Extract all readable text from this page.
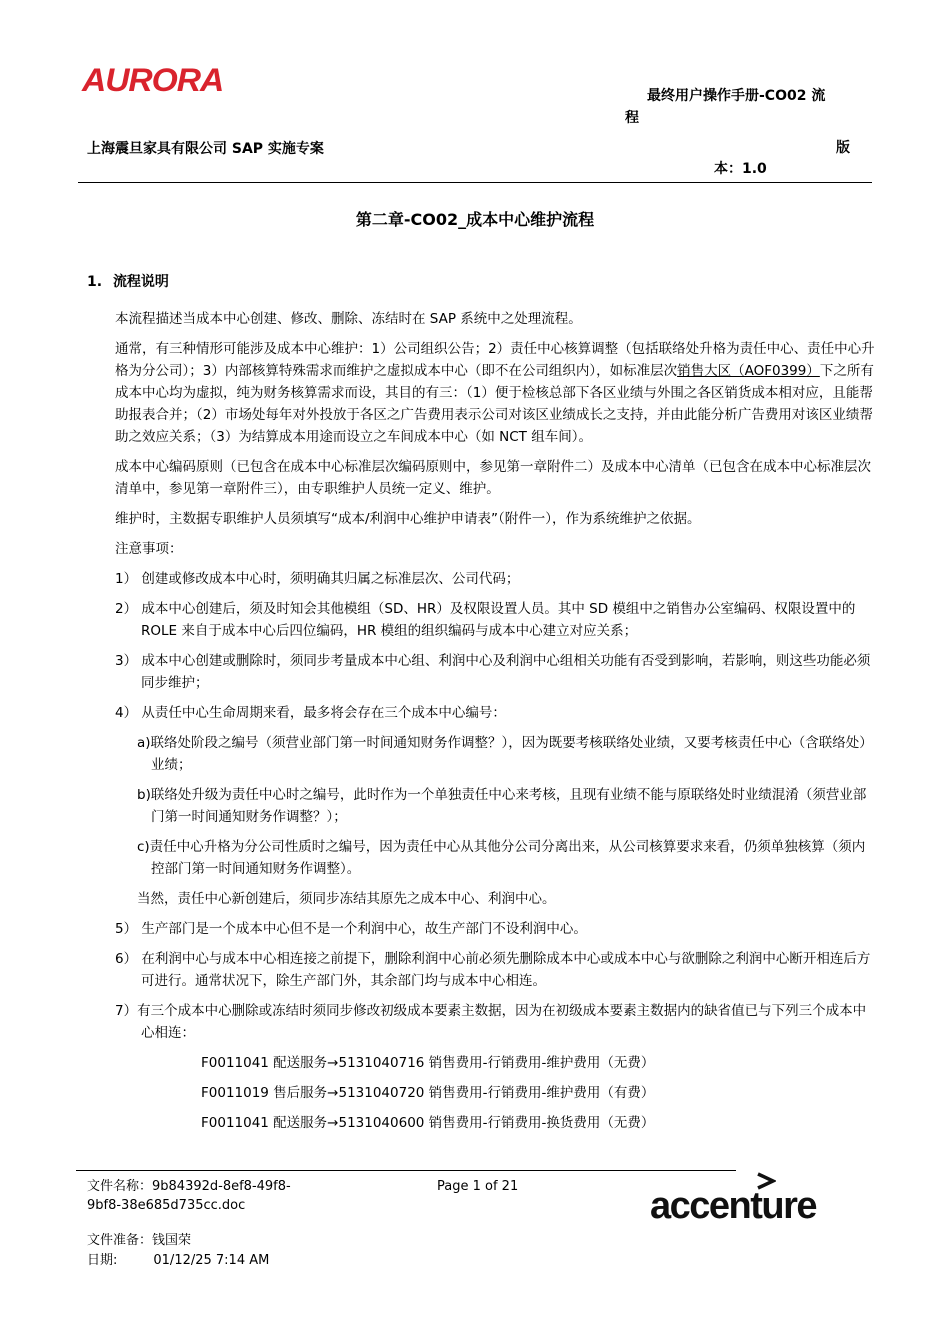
AURORA	最终用户操作手册-CO02 流
程
上海震旦家具有限公司 SAP 实施专案	版
本：1.0
第二章-CO02_成本中心维护流程
1. 流程说明

本流程描述当成本中心创建、修改、删除、冻结时在 SAP 系统中之处理流程。

通常，有三种情形可能涉及成本中心维护：1）公司组织公告；2）责任中心核算调整（包括联络处升格为责任中心、责任中心升格为分公司）；3）内部核算特殊需求而维护之虚拟成本中心（即不在公司组织内），如标准层次销售大区（AOF0399）下之所有成本中心均为虚拟，纯为财务核算需求而设，其目的有三：（1）便于检核总部下各区业绩与外围之各区销货成本相对应，且能帮助报表合并；（2）市场处每年对外投放于各区之广告费用表示公司对该区业绩成长之支持，并由此能分析广告费用对该区业绩帮助之效应关系；（3）为结算成本用途而设立之车间成本中心（如 NCT 组车间）。

成本中心编码原则（已包含在成本中心标准层次编码原则中，参见第一章附件二）及成本中心清单（已包含在成本中心标准层次清单中，参见第一章附件三），由专职维护人员统一定义、维护。

维护时，主数据专职维护人员须填写“成本/利润中心维护申请表”（附件一），作为系统维护之依据。

注意事项：

1） 创建或修改成本中心时，须明确其归属之标准层次、公司代码；

2） 成本中心创建后，须及时知会其他模组（SD、HR）及权限设置人员。其中 SD 模组中之销售办公室编码、权限设置中的 ROLE 来自于成本中心后四位编码，HR 模组的组织编码与成本中心建立对应关系；

3） 成本中心创建或删除时，须同步考量成本中心组、利润中心及利润中心组相关功能有否受到影响，若影响，则这些功能必须同步维护；

4） 从责任中心生命周期来看，最多将会存在三个成本中心编号：

a)联络处阶段之编号（须营业部门第一时间通知财务作调整？），因为既要考核联络处业绩，又要考核责任中心（含联络处）业绩；

b)联络处升级为责任中心时之编号，此时作为一个单独责任中心来考核，且现有业绩不能与原联络处时业绩混淆（须营业部门第一时间通知财务作调整？）；

c)责任中心升格为分公司性质时之编号，因为责任中心从其他分公司分离出来，从公司核算要求来看，仍须单独核算（须内控部门第一时间通知财务作调整）。

当然，责任中心新创建后，须同步冻结其原先之成本中心、利润中心。

5） 生产部门是一个成本中心但不是一个利润中心，故生产部门不设利润中心。

6） 在利润中心与成本中心相连接之前提下，删除利润中心前必须先删除成本中心或成本中心与欲删除之利润中心断开相连后方可进行。通常状况下，除生产部门外，其余部门均与成本中心相连。

7）有三个成本中心删除或冻结时须同步修改初级成本要素主数据，因为在初级成本要素主数据内的缺省值已与下列三个成本中心相连：

F0011041 配送服务→5131040716 销售费用-行销费用-维护费用（无费）

F0011019 售后服务→5131040720 销售费用-行销费用-维护费用（有费）

F0011041 配送服务→5131040600 销售费用-行销费用-换货费用（无费）

文件名称：9b84392d-8ef8-49f8-
9bf8-38e685d735cc.doc
Page 1 of 21
文件准备：钱国荣
日期:	01/12/25 7:14 AM
accenture
